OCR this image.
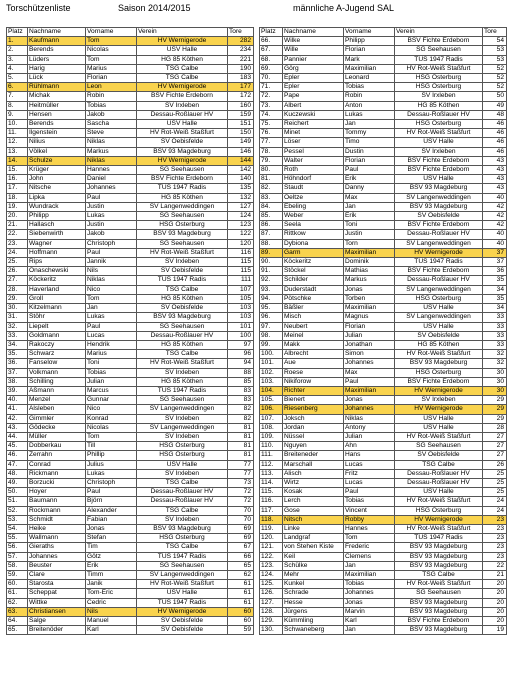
Torschützenliste	Saison 2014/2015	männliche A-Jugend SAL
Platz	Nachname	Vorname	Verein	Tore
1.	Kaufmann	Tom	HV Wernigerode	282
2.	Berends	Nicolas	USV Halle	234
3.	Lüders	Tom	HG 85 Köthen	221
4.	Harig	Marius	TSG Calbe	190
5.	Lück	Florian	TSG Calbe	183
6.	Rühlmann	Leon	HV Wernigerode	177
7.	Michak	Robin	BSV Fichte Erdeborn	172
8.	Heitmüller	Tobias	SV Irxleben	160
9.	Hensen	Jakob	Dessau-Roßlauer HV	159
10.	Berends	Sascha	USV Halle	151
11.	Ilgenstein	Steve	HV Rot-Weiß Staßfurt	150
12.	Nilius	Niklas	SV Oebisfelde	149
13.	Völkel	Markus	BSV 93 Magdeburg	146
14.	Schulze	Niklas	HV Wernigerode	144
15.	Krüger	Hannes	SG Seehausen	142
16.	John	Daniel	BSV Fichte Erdeborn	140
17.	Nitsche	Johannes	TUS 1947 Radis	135
18.	Lipka	Paul	HG 85 Köthen	132
19.	Wundrack	Justin	SV Langenweddingen	127
20.	Philipp	Lukas	SG Seehausen	124
21.	Hallasch	Justin	HSG Osterburg	123
22.	Siebenwirth	Jakob	BSV 93 Magdeburg	122
23.	Wagner	Christoph	SG Seehausen	120
24.	Hoffmann	Paul	HV Rot-Weiß Staßfurt	116
25.	Rips	Jannik	SV Irxleben	115
26.	Onaschewski	Nils	SV Oebisfelde	115
27.	Köckeritz	Niklas	TUS 1947 Radis	111
28.	Haverland	Nico	TSG Calbe	107
29.	Groll	Tom	HG 85 Köthen	105
30.	Kitzelmann	Jan	SV Oebisfelde	103
31.	Stöhr	Lukas	BSV 93 Magdeburg	103
32.	Liepelt	Paul	SG Seehausen	101
33.	Goldmann	Lucas	Dessau-Roßlauer HV	100
34.	Rakoczy	Hendrik	HG 85 Köthen	97
35.	Schwarz	Marius	TSG Calbe	96
36.	Fanselow	Toni	HV Rot-Weiß Staßfurt	94
37.	Volkmann	Tobias	SV Irxleben	88
38.	Schilling	Julian	HG 85 Köthen	85
39.	Aßmann	Marcus	TUS 1947 Radis	83
40.	Menzel	Gunnar	SG Seehausen	83
41.	Alsleben	Nico	SV Langenweddingen	82
42.	Gimmler	Konrad	SV Irxleben	82
43.	Gödecke	Nicolas	SV Langenweddingen	81
44.	Müller	Tom	SV Irxleben	81
45.	Dobberkau	Till	HSG Osterburg	81
46.	Zerrahn	Phillip	HSG Osterburg	81
47.	Conrad	Julius	USV Halle	77
48.	Rickmann	Lukas	SV Irxleben	77
49.	Borzucki	Christoph	TSG Calbe	73
50.	Hoyer	Paul	Dessau-Roßlauer HV	72
51.	Baumann	Björn	Dessau-Roßlauer HV	72
52.	Rockmann	Alexander	TSG Calbe	70
53.	Schmidt	Fabian	SV Irxleben	70
54.	Heike	Jonas	BSV 93 Magdeburg	69
55.	Wallmann	Stefan	HSG Osterburg	69
56.	Gieraths	Tim	TSG Calbe	67
57.	Johannes	Götz	TUS 1947 Radis	66
58.	Beuster	Erik	SG Seehausen	65
59.	Clare	Timm	SV Langenweddingen	62
60.	Starosta	Janik	HV Rot-Weiß Staßfurt	61
61.	Scheppat	Tom-Eric	USV Halle	61
62.	Wittke	Cedric	TUS 1947 Radis	61
63.	Christiansen	Nils	HV Wernigerode	60
64.	Salge	Manuel	SV Oebisfelde	60
65.	Breitenöder	Karl	SV Oebisfelde	59
Platz	Nachname	Vorname	Verein	Tore
66.	Wilke	Philipp	BSV Fichte Erdeborn	54
67.	Wille	Florian	SG Seehausen	53
68.	Pannier	Mark	TUS 1947 Radis	53
69.	Görg	Maximilian	HV Rot-Weiß Staßfurt	52
70.	Epler	Leonard	HSG Osterburg	52
71.	Epler	Tobias	HSG Osterburg	52
72.	Pape	Robin	SV Irxleben	50
73.	Albert	Anton	HG 85 Köthen	49
74.	Kuczewski	Lukas	Dessau-Roßlauer HV	48
75.	Reichert	Jan	HSG Osterburg	46
76.	Minet	Tommy	HV Rot-Weiß Staßfurt	46
77.	Löser	Timo	USV Halle	46
78.	Pessel	Dustin	SV Irxleben	46
79.	Walter	Florian	BSV Fichte Erdeborn	43
80.	Roth	Paul	BSV Fichte Erdeborn	43
81.	Höhndorf	Erik	USV Halle	43
82.	Staudt	Danny	BSV 93 Magdeburg	43
83.	Oeltze	Max	SV Langenweddingen	40
84.	Ebeling	Jan	BSV 93 Magdeburg	42
85.	Weber	Erik	SV Oebisfelde	42
86.	Seela	Toni	BSV Fichte Erdeborn	42
87.	Rittkow	Justin	Dessau-Roßlauer HV	40
88.	Dybiona	Torn	SV Langenweddingen	40
89.	Garm	Maximilian	HV Wernigerode	37
90.	Köckeritz	Dominik	TUS 1947 Radis	37
91.	Stöckel	Mathias	BSV Fichte Erdeborn	36
92.	Schilder	Markus	Dessau-Roßlauer HV	35
93.	Duderstadt	Jonas	SV Langenweddingen	34
94.	Pötschke	Torben	HSG Osterburg	35
95.	Bäßler	Maximilian	USV Halle	34
96.	Misch	Magnus	SV Langenweddingen	33
97.	Neubert	Florian	USV Halle	33
98.	Meinel	Julian	SV Oebisfelde	33
99.	Makk	Jonathan	HG 85 Köthen	33
100.	Albrecht	Simon	HV Rot-Weiß Staßfurt	32
101.	Aue	Johannes	BSV 93 Magdeburg	32
102.	Roese	Max	HSG Osterburg	30
103.	Nikiforow	Paul	BSV Fichte Erdeborn	30
104.	Richter	Maximilian	HV Wernigerode	30
105.	Bienert	Jonas	SV Irxleben	29
106.	Riesenberg	Johannes	HV Wernigerode	29
107.	Joksch	Niklas	USV Halle	29
108.	Jordan	Antony	USV Halle	28
109.	Nüssel	Julian	HV Rot-Weiß Staßfurt	27
110.	Nguyen	Ahn	SG Seehausen	27
111.	Breiteneder	Hans	SV Oebisfelde	27
112.	Marschall	Lucas	TSG Calbe	26
113.	Alisch	Fritz	Dessau-Roßlauer HV	25
114.	Wirtz	Lucas	Dessau-Roßlauer HV	25
115.	Kosak	Paul	USV Halle	25
116.	Lerch	Tobias	HV Rot-Weiß Staßfurt	24
117.	Gose	Vincent	HSG Osterburg	24
118.	Nitsch	Robby	HV Wernigerode	23
119.	Linke	Hannes	HV Rot-Weiß Staßfurt	23
120.	Landgraf	Tom	TUS 1947 Radis	23
121.	von Stehen Kiste	Frederic	BSV 93 Magdeburg	23
122.	Keil	Clemens	BSV 93 Magdeburg	23
123.	Schülke	Jan	BSV 93 Magdeburg	22
124.	Mehr	Maximilian	TSG Calbe	21
125.	Kunkel	Tobias	HV Rot-Weiß Staßfurt	20
126.	Schrade	Johannes	SG Seehausen	20
127.	Hesse	Jonas	BSV 93 Magdeburg	20
128.	Jürgens	Marvin	BSV 93 Magdeburg	20
129.	Kümmling	Karl	BSV Fichte Erdeborn	20
130.	Schwaneberg	Jan	BSV 93 Magdeburg	19
